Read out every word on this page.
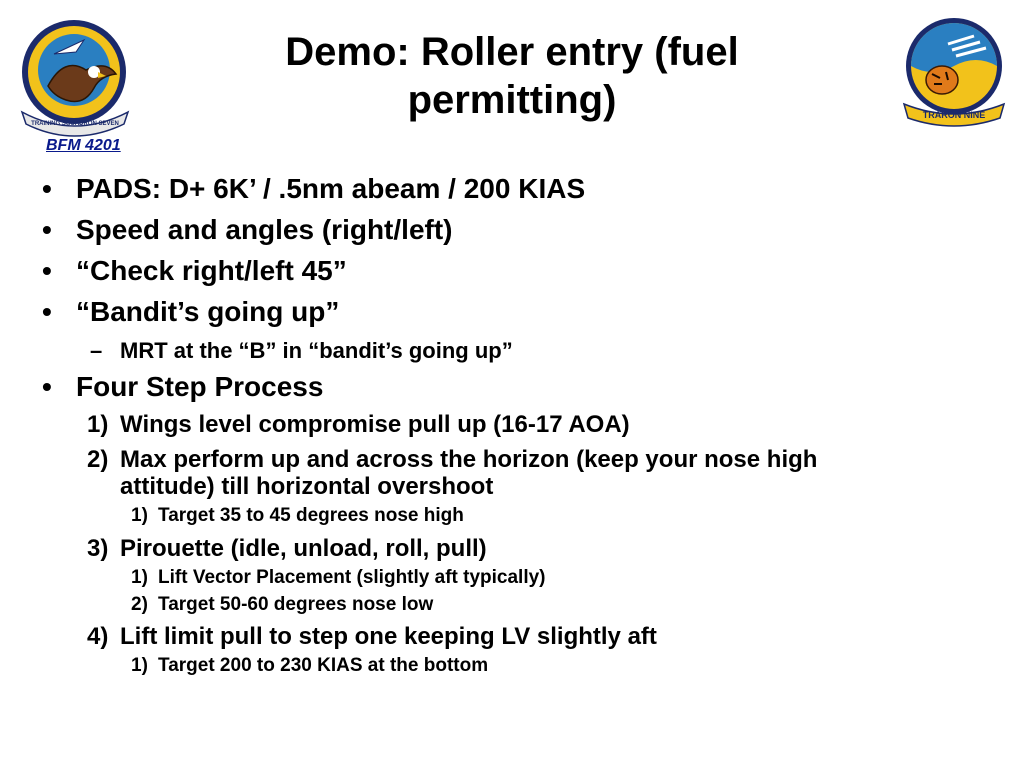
TRAINING SQUADRON SEVEN
TRARON NINE
Demo: Roller entry (fuel
permitting)
BFM 4201
• PADS: D+ 6K’ / .5nm abeam / 200 KIAS
• Speed and angles (right/left)
• “Check right/left 45”
• “Bandit’s going up”
– MRT at the “B” in “bandit’s going up”
• Four Step Process
1) Wings level compromise pull up (16-17 AOA)
2) Max perform up and across the horizon (keep your nose high
attitude) till horizontal overshoot
1) Target 35 to 45 degrees nose high
3) Pirouette (idle, unload, roll, pull)
1) Lift Vector Placement (slightly aft typically)
2) Target 50-60 degrees nose low
4) Lift limit pull to step one keeping LV slightly aft
1) Target 200 to 230 KIAS at the bottom
